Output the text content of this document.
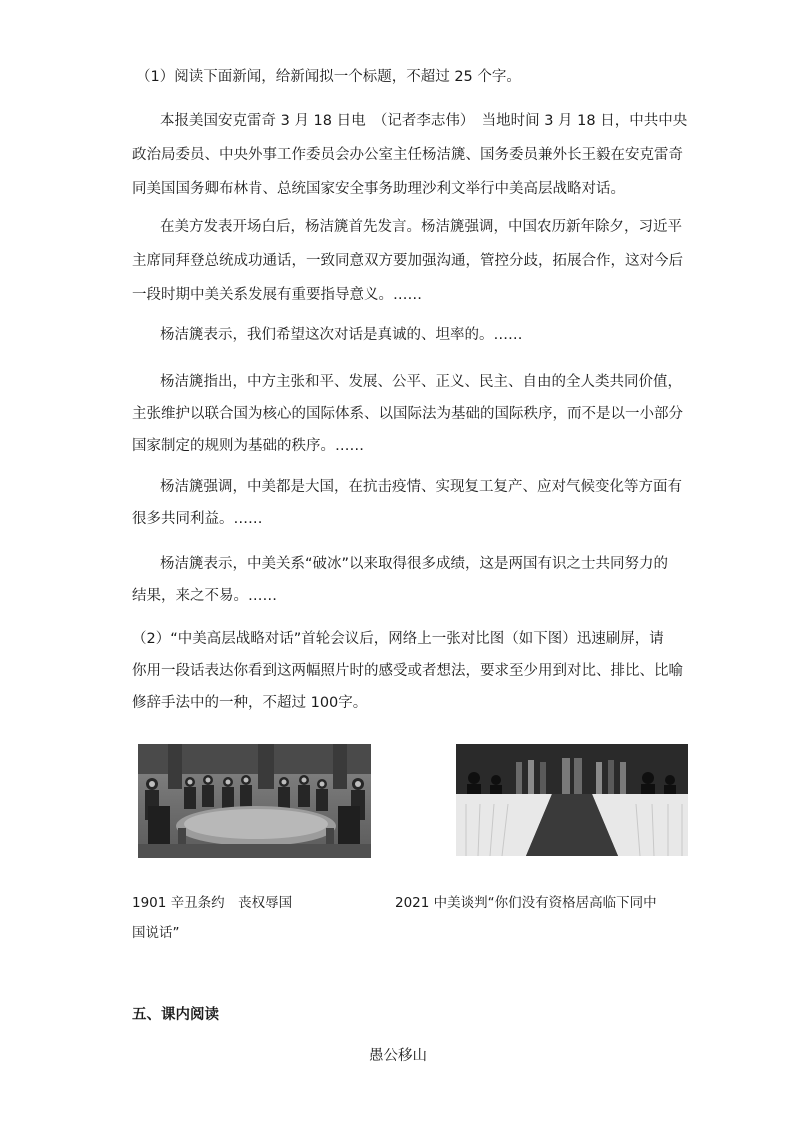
（1）阅读下面新闻，给新闻拟一个标题，不超过 25 个字。
本报美国安克雷奇 3 月 18 日电　（记者李志伟）　当地时间 3 月 18 日，中共中央
政治局委员、中央外事工作委员会办公室主任杨洁篪、国务委员兼外长王毅在安克雷奇
同美国国务卿布林肯、总统国家安全事务助理沙利文举行中美高层战略对话。
在美方发表开场白后，杨洁篪首先发言。杨洁篪强调，中国农历新年除夕，习近平
主席同拜登总统成功通话，一致同意双方要加强沟通，管控分歧，拓展合作，这对今后
一段时期中美关系发展有重要指导意义。……
杨洁篪表示，我们希望这次对话是真诚的、坦率的。……
杨洁篪指出，中方主张和平、发展、公平、正义、民主、自由的全人类共同价值，
主张维护以联合国为核心的国际体系、以国际法为基础的国际秩序，而不是以一小部分
国家制定的规则为基础的秩序。……
杨洁篪强调，中美都是大国，在抗击疫情、实现复工复产、应对气候变化等方面有
很多共同利益。……
杨洁篪表示，中美关系“破冰”以来取得很多成绩，这是两国有识之士共同努力的
结果，来之不易。……
（2）“中美高层战略对话”首轮会议后，网络上一张对比图（如下图）迅速刷屏，请
你用一段话表达你看到这两幅照片时的感受或者想法，要求至少用到对比、排比、比喻
修辞手法中的一种，不超过 100字。
1901 辛丑条约　丧权辱国	2021 中美谈判“你们没有资格居高临下同中
国说话”
五、课内阅读
愚公移山
